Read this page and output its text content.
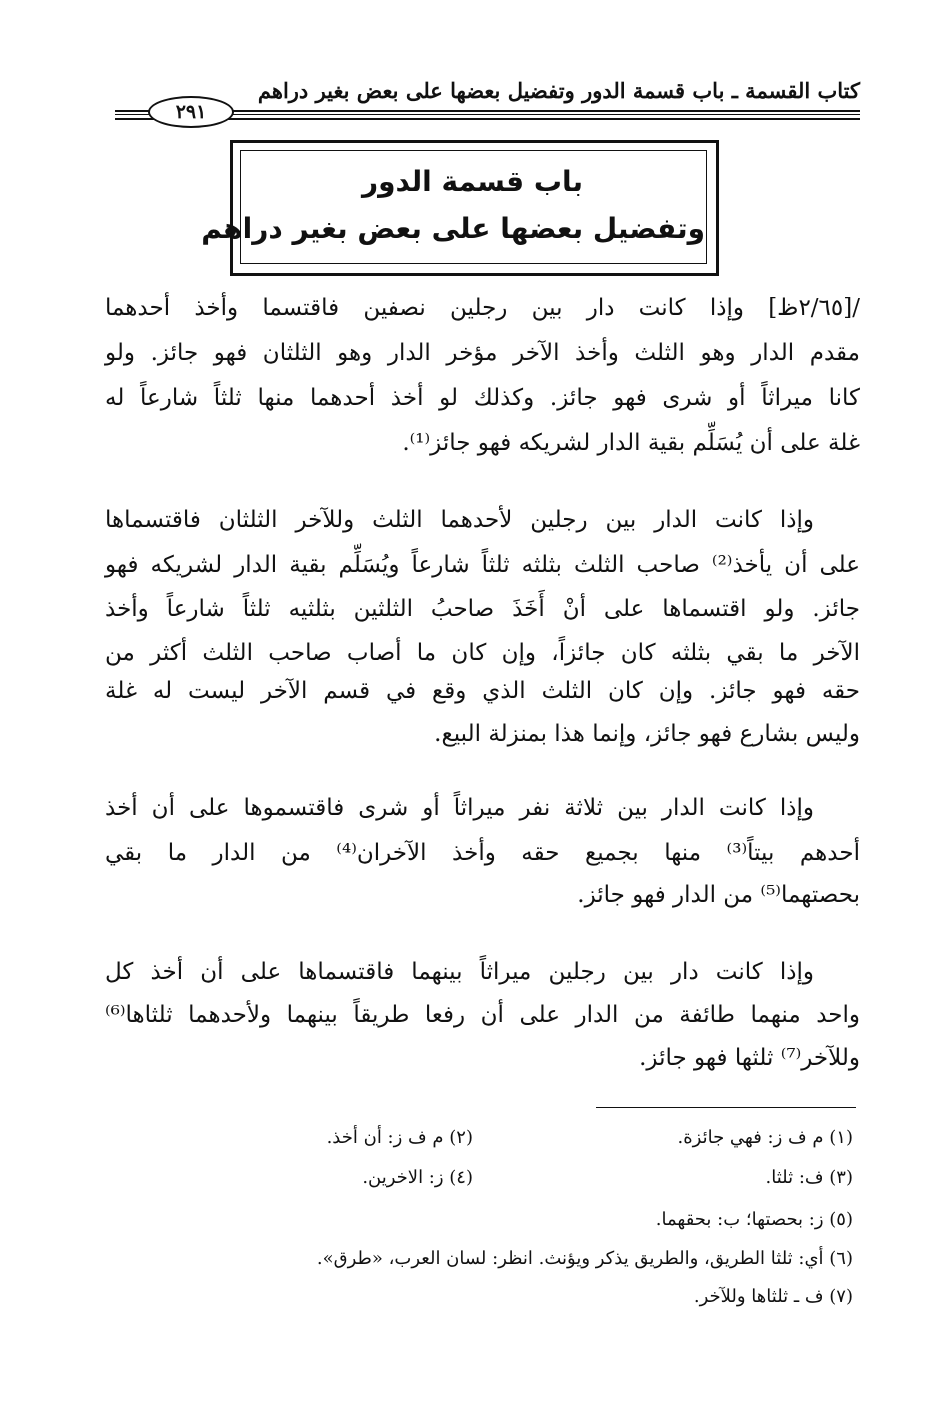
كتاب القسمة ـ باب قسمة الدور وتفضيل بعضها على بعض بغير دراهم
٢٩١
باب قسمة الدور
وتفضيل بعضها على بعض بغير دراهم
/[٢/٦٥ظ] وإذا كانت دار بين رجلين نصفين فاقتسما وأخذ أحدهما
مقدم الدار وهو الثلث وأخذ الآخر مؤخر الدار وهو الثلثان فهو جائز. ولو
كانا ميراثاً أو شرى فهو جائز. وكذلك لو أخذ أحدهما منها ثلثاً شارعاً له
غلة على أن يُسَلِّم بقية الدار لشريكه فهو جائز⁽¹⁾.
وإذا كانت الدار بين رجلين لأحدهما الثلث وللآخر الثلثان فاقتسماها
على أن يأخذ⁽²⁾ صاحب الثلث بثلثه ثلثاً شارعاً ويُسَلِّم بقية الدار لشريكه فهو
جائز. ولو اقتسماها على أنْ أَخَذَ صاحبُ الثلثين بثلثيه ثلثاً شارعاً وأخذ
الآخر ما بقي بثلثه كان جائزاً، وإن كان ما أصاب صاحب الثلث أكثر من
حقه فهو جائز. وإن كان الثلث الذي وقع في قسم الآخر ليست له غلة
وليس بشارع فهو جائز، وإنما هذا بمنزلة البيع.
وإذا كانت الدار بين ثلاثة نفر ميراثاً أو شرى فاقتسموها على أن أخذ
أحدهم بيتاً⁽³⁾ منها بجميع حقه وأخذ الآخران⁽⁴⁾ من الدار ما بقي
بحصتهما⁽⁵⁾ من الدار فهو جائز.
وإذا كانت دار بين رجلين ميراثاً بينهما فاقتسماها على أن أخذ كل
واحد منهما طائفة من الدار على أن رفعا طريقاً بينهما ولأحدهما ثلثاها⁽⁶⁾
وللآخر⁽⁷⁾ ثلثها فهو جائز.
(١) م ف ز: فهي جائزة.
(٢) م ف ز: أن أخذ.
(٣) ف: ثلثا.
(٤) ز: الاخرين.
(٥) ز: بحصتها؛ ب: بحقهما.
(٦) أي: ثلثا الطريق، والطريق يذكر ويؤنث. انظر: لسان العرب، «طرق».
(٧) ف ـ ثلثاها وللآخر.
